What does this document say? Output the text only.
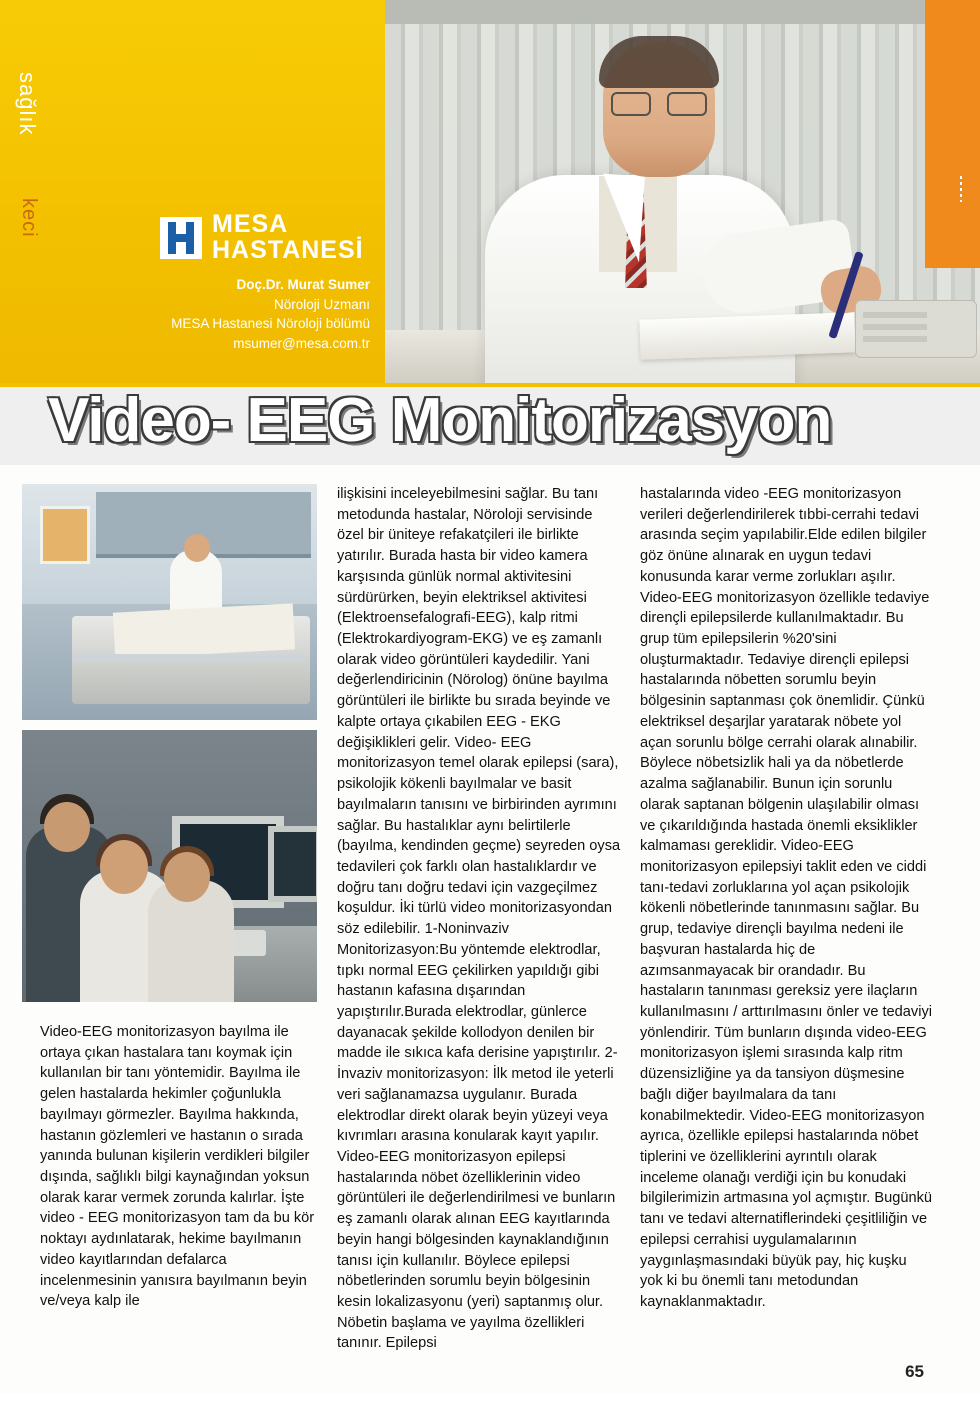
sağlık
keci	MESA
HASTANESİ
Doç.Dr. Murat Sumer
Nöroloji Uzmanı
MESA Hastanesi Nöroloji bölümü
msumer@mesa.com.tr
Video- EEG Monitorizasyon

Video-EEG monitorizasyon bayılma ile ortaya çıkan hastalara tanı koymak için kullanılan bir tanı yöntemidir. Bayılma ile gelen hastalarda hekimler çoğunlukla bayılmayı görmezler. Bayılma hakkında, hastanın gözlemleri ve hastanın o sırada yanında bulunan kişilerin verdikleri bilgiler dışında, sağlıklı bilgi kaynağından yoksun olarak karar vermek zorunda kalırlar. İşte video - EEG monitorizasyon tam da bu kör noktayı aydınlatarak, hekime bayılmanın video kayıtlarından defalarca incelenmesinin yanısıra bayılmanın beyin ve/veya kalp ile

ilişkisini inceleyebilmesini sağlar. Bu tanı metodunda hastalar, Nöroloji servisinde özel bir üniteye refakatçileri ile birlikte yatırılır. Burada hasta bir video kamera karşısında günlük normal aktivitesini sürdürürken, beyin elektriksel aktivitesi (Elektroensefalografi-EEG), kalp ritmi (Elektrokardiyogram-EKG) ve eş zamanlı olarak video görüntüleri kaydedilir. Yani değerlendiricinin (Nörolog) önüne bayılma görüntüleri ile birlikte bu sırada beyinde ve kalpte ortaya çıkabilen EEG - EKG değişiklikleri gelir. Video- EEG monitorizasyon temel olarak epilepsi (sara), psikolojik kökenli bayılmalar ve basit bayılmaların tanısını ve birbirinden ayrımını sağlar. Bu hastalıklar aynı belirtilerle (bayılma, kendinden geçme) seyreden oysa tedavileri çok farklı olan hastalıklardır ve doğru tanı doğru tedavi için vazgeçilmez koşuldur. İki türlü video monitorizasyondan söz edilebilir. 1-Noninvaziv Monitorizasyon:Bu yöntemde elektrodlar, tıpkı normal EEG çekilirken yapıldığı gibi hastanın kafasına dışarından yapıştırılır.Burada elektrodlar, günlerce dayanacak şekilde kollodyon denilen bir madde ile sıkıca kafa derisine yapıştırılır. 2- İnvaziv monitorizasyon: İlk metod ile yeterli veri sağlanamazsa uygulanır. Burada elektrodlar direkt olarak beyin yüzeyi veya kıvrımları arasına konularak kayıt yapılır. Video-EEG monitorizasyon epilepsi hastalarında nöbet özelliklerinin video görüntüleri ile değerlendirilmesi ve bunların eş zamanlı olarak alınan EEG kayıtlarında beyin hangi bölgesinden kaynaklandığının tanısı için kullanılır. Böylece epilepsi nöbetlerinden sorumlu beyin bölgesinin kesin lokalizasyonu (yeri) saptanmış olur. Nöbetin başlama ve yayılma özellikleri tanınır. Epilepsi

hastalarında video -EEG monitorizasyon verileri değerlendirilerek tıbbi-cerrahi tedavi arasında seçim yapılabilir.Elde edilen bilgiler göz önüne alınarak en uygun tedavi konusunda karar verme zorlukları aşılır. Video-EEG monitorizasyon özellikle tedaviye dirençli epilepsilerde kullanılmaktadır. Bu grup tüm epilepsilerin %20'sini oluşturmaktadır. Tedaviye dirençli epilepsi hastalarında nöbetten sorumlu beyin bölgesinin saptanması çok önemlidir. Çünkü elektriksel deşarjlar yaratarak nöbete yol açan sorunlu bölge cerrahi olarak alınabilir. Böylece nöbetsizlik hali ya da nöbetlerde azalma sağlanabilir. Bunun için sorunlu olarak saptanan bölgenin ulaşılabilir olması ve çıkarıldığında hastada önemli eksiklikler kalmaması gereklidir. Video-EEG monitorizasyon epilepsiyi taklit eden ve ciddi tanı-tedavi zorluklarına yol açan psikolojik kökenli nöbetlerinde tanınmasını sağlar. Bu grup, tedaviye dirençli bayılma nedeni ile başvuran hastalarda hiç de azımsanmayacak bir orandadır. Bu hastaların tanınması gereksiz yere ilaçların kullanılmasını / arttırılmasını önler ve tedaviyi yönlendirir. Tüm bunların dışında video-EEG monitorizasyon işlemi sırasında kalp ritm düzensizliğine ya da tansiyon düşmesine bağlı diğer bayılmalara da tanı konabilmektedir. Video-EEG monitorizasyon ayrıca, özellikle epilepsi hastalarında nöbet tiplerini ve özelliklerini ayrıntılı olarak inceleme olanağı verdiği için bu konudaki bilgilerimizin artmasına yol açmıştır. Bugünkü tanı ve tedavi alternatiflerindeki çeşitliliğin ve epilepsi cerrahisi uygulamalarının yaygınlaşmasındaki büyük pay, hiç kuşku yok ki bu önemli tanı metodundan kaynaklanmaktadır.

65
